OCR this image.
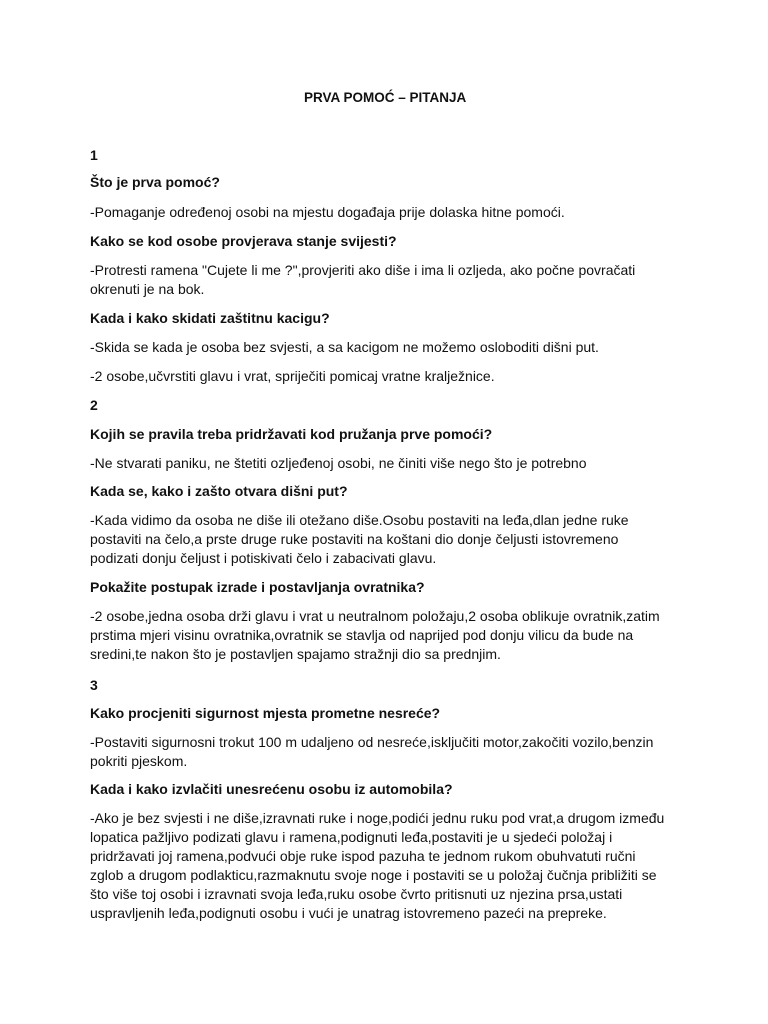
PRVA POMOĆ – PITANJA
1
Što je prva pomoć?
-Pomaganje određenoj osobi na mjestu događaja prije dolaska hitne pomoći.
Kako se kod osobe provjerava stanje svijesti?
-Protresti ramena "Cujete li me ?",provjeriti ako diše i ima li ozljeda, ako počne povračati
okrenuti je na bok.
Kada i kako skidati zaštitnu kacigu?
-Skida se kada je osoba bez svjesti, a sa kacigom ne možemo osloboditi dišni put.
-2 osobe,učvrstiti glavu i vrat, spriječiti pomicaj vratne kralježnice.
2
Kojih se pravila treba pridržavati kod pružanja prve pomoći?
-Ne stvarati paniku, ne štetiti ozljeđenoj osobi, ne činiti više nego što je potrebno
Kada se, kako i zašto otvara dišni put?
-Kada vidimo da osoba ne diše ili otežano diše.Osobu postaviti na leđa,dlan jedne ruke
postaviti na čelo,a prste druge ruke postaviti na koštani dio donje čeljusti istovremeno
podizati donju čeljust i potiskivati čelo i zabacivati glavu.
Pokažite postupak izrade i postavljanja ovratnika?
-2 osobe,jedna osoba drži glavu i vrat u neutralnom položaju,2 osoba oblikuje ovratnik,zatim
prstima mjeri visinu ovratnika,ovratnik se stavlja od naprijed pod donju vilicu da bude na
sredini,te nakon što je postavljen spajamo stražnji dio sa prednjim.
3
Kako procjeniti sigurnost mjesta prometne nesreće?
-Postaviti sigurnosni trokut 100 m udaljeno od nesreće,isključiti motor,zakočiti vozilo,benzin
pokriti pjeskom.
Kada i kako izvlačiti unesrećenu osobu iz automobila?
-Ako je bez svjesti i ne diše,izravnati ruke i noge,podići jednu ruku pod vrat,a drugom između
lopatica pažljivo podizati glavu i ramena,podignuti leđa,postaviti je u sjedeći položaj i
pridržavati joj ramena,podvući obje ruke ispod pazuha te jednom rukom obuhvatuti ručni
zglob a drugom podlakticu,razmaknutu svoje noge i postaviti se u položaj čučnja približiti se
što više toj osobi i izravnati svoja leđa,ruku osobe čvrto pritisnuti uz njezina prsa,ustati
uspravljenih leđa,podignuti osobu i vući je unatrag istovremeno pazeći na prepreke.
